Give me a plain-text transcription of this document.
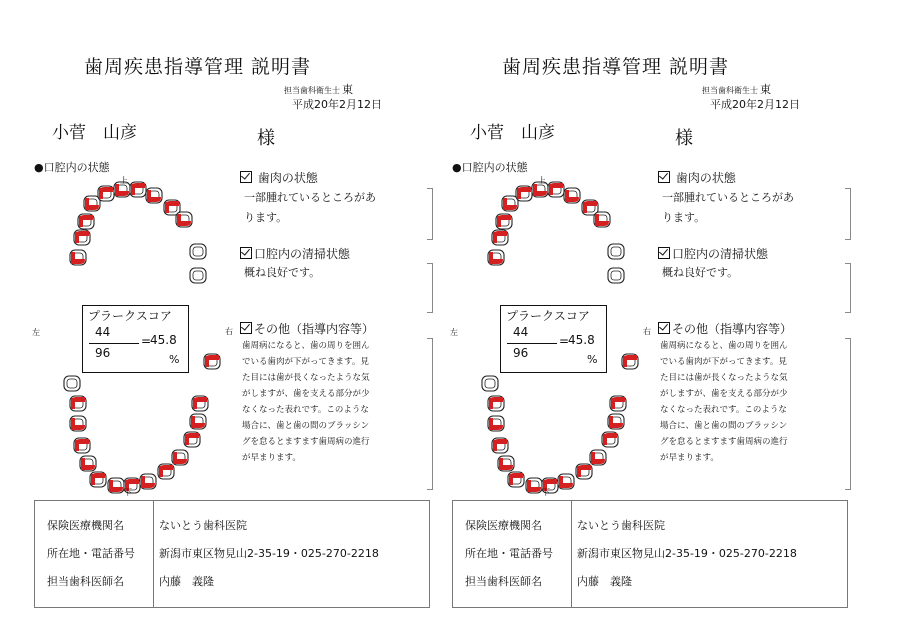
歯周疾患指導管理 説明書
担当歯科衛生士 東
平成20年2月12日
小菅　山彦	様
●口腔内の状態
上
下
左	右
プラークスコア
44
96
=
45.8
%
歯肉の状態
一部腫れているところがあ
ります。
口腔内の清掃状態
概ね良好です。
その他（指導内容等）
歯周病になると、歯の周りを囲ん
でいる歯肉が下がってきます。見
た目には歯が長くなったような気
がしますが、歯を支える部分が少
なくなった表れです。このような
場合に、歯と歯の間のブラッシン
グを怠るとますます歯周病の進行
が早まります。
保険医療機関名	ないとう歯科医院
所在地・電話番号 新潟市東区物見山2-35-19・025-270-2218
担当歯科医師名	内藤　義隆
歯周疾患指導管理 説明書
担当歯科衛生士 東
平成20年2月12日
小菅　山彦	様
●口腔内の状態
上
下
左	右
プラークスコア
44
96
=
45.8
%
歯肉の状態
一部腫れているところがあ
ります。
口腔内の清掃状態
概ね良好です。
その他（指導内容等）
歯周病になると、歯の周りを囲ん
でいる歯肉が下がってきます。見
た目には歯が長くなったような気
がしますが、歯を支える部分が少
なくなった表れです。このような
場合に、歯と歯の間のブラッシン
グを怠るとますます歯周病の進行
が早まります。
保険医療機関名	ないとう歯科医院
所在地・電話番号 新潟市東区物見山2-35-19・025-270-2218
担当歯科医師名	内藤　義隆
